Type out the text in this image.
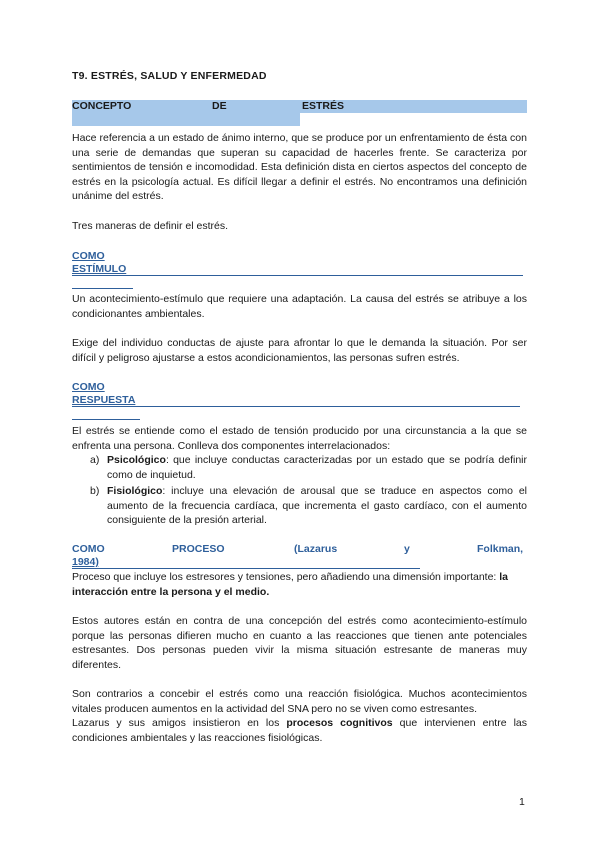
T9. ESTRÉS, SALUD Y ENFERMEDAD
CONCEPTO	DE	ESTRÉS

Hace referencia a un estado de ánimo interno, que se produce por un enfrentamiento de ésta con una serie de demandas que superan su capacidad de hacerles frente. Se caracteriza por sentimientos de tensión e incomodidad. Esta definición dista en ciertos aspectos del concepto de estrés en la psicología actual. Es difícil llegar a definir el estrés. No encontramos una definición unánime del estrés.

Tres maneras de definir el estrés.

COMO
ESTÍMULO

Un acontecimiento-estímulo que requiere una adaptación. La causa del estrés se atribuye a los condicionantes ambientales.

Exige del individuo conductas de ajuste para afrontar lo que le demanda la situación. Por ser difícil y peligroso ajustarse a estos acondicionamientos, las personas sufren estrés.

COMO
RESPUESTA

El estrés se entiende como el estado de tensión producido por una circunstancia a la que se enfrenta una persona. Conlleva dos componentes interrelacionados:

a) Psicológico: que incluye conductas caracterizadas por un estado que se podría definir como de inquietud.
b) Fisiológico: incluye una elevación de arousal que se traduce en aspectos como el aumento de la frecuencia cardíaca, que incrementa el gasto cardíaco, con el aumento consiguiente de la presión arterial.
COMO	PROCESO	(Lazarus	y	Folkman,
1984)

Proceso que incluye los estresores y tensiones, pero añadiendo una dimensión importante: la interacción entre la persona y el medio.

Estos autores están en contra de una concepción del estrés como acontecimiento-estímulo porque las personas difieren mucho en cuanto a las reacciones que tienen ante potenciales estresantes. Dos personas pueden vivir la misma situación estresante de maneras muy diferentes.

Son contrarios a concebir el estrés como una reacción fisiológica. Muchos acontecimientos vitales producen aumentos en la actividad del SNA pero no se viven como estresantes.
Lazarus y sus amigos insistieron en los procesos cognitivos que intervienen entre las condiciones ambientales y las reacciones fisiológicas.

1
